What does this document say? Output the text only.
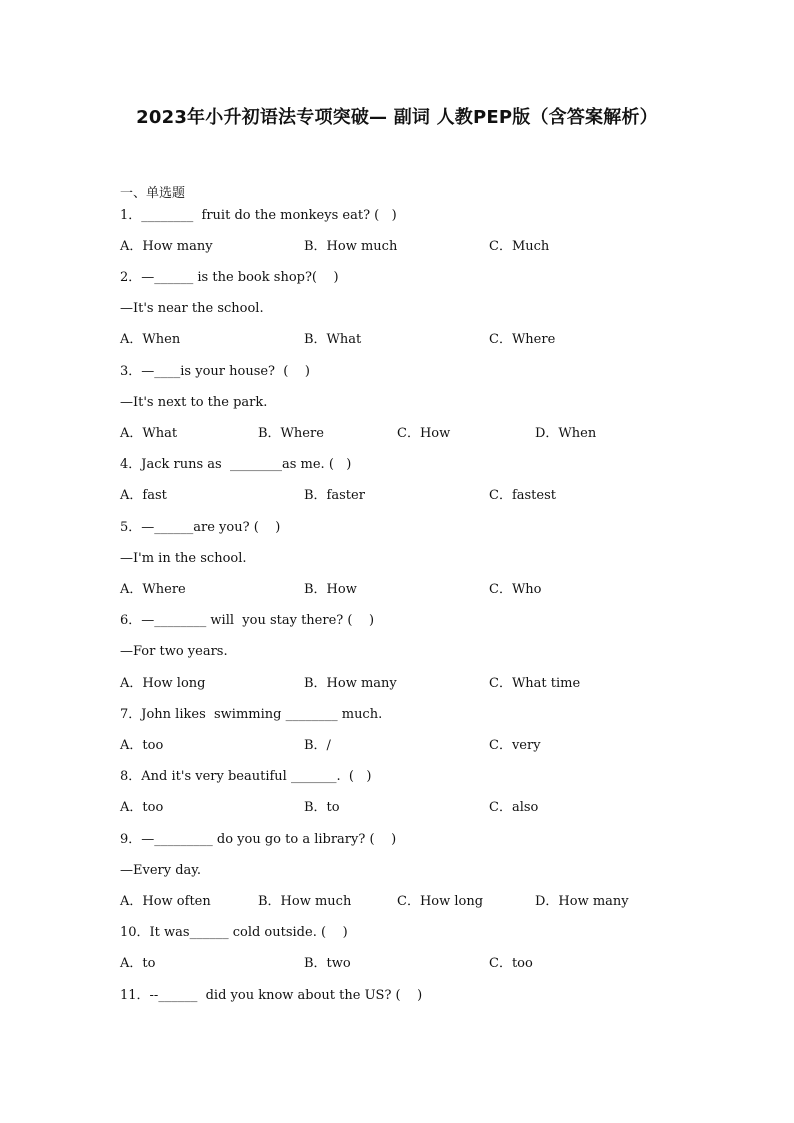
2023年小升初语法专项突破— 副词 人教PEP版（含答案解析）
一、单选题
1．________  fruit do the monkeys eat? (   )
A．How many	B．How much	C．Much
2．—______ is the book shop?(    )
—It's near the school.
A．When	B．What	C．Where
3．—____is your house?  (    )
—It's next to the park.
A．What	B．Where	C．How	D．When
4．Jack runs as  ________as me. (   )
A．fast	B．faster	C．fastest
5．—______are you? (    )
—I'm in the school.
A．Where	B．How	C．Who
6．—________ will  you stay there? (    )
—For two years.
A．How long	B．How many	C．What time
7．John likes  swimming ________ much.
A．too	B．/	C．very
8．And it's very beautiful _______.  (   )
A．too	B．to	C．also
9．—_________ do you go to a library? (    )
—Every day.
A．How often	B．How much	C．How long	D．How many
10．It was______ cold outside. (    )
A．to	B．two	C．too
11．--______  did you know about the US? (    )
